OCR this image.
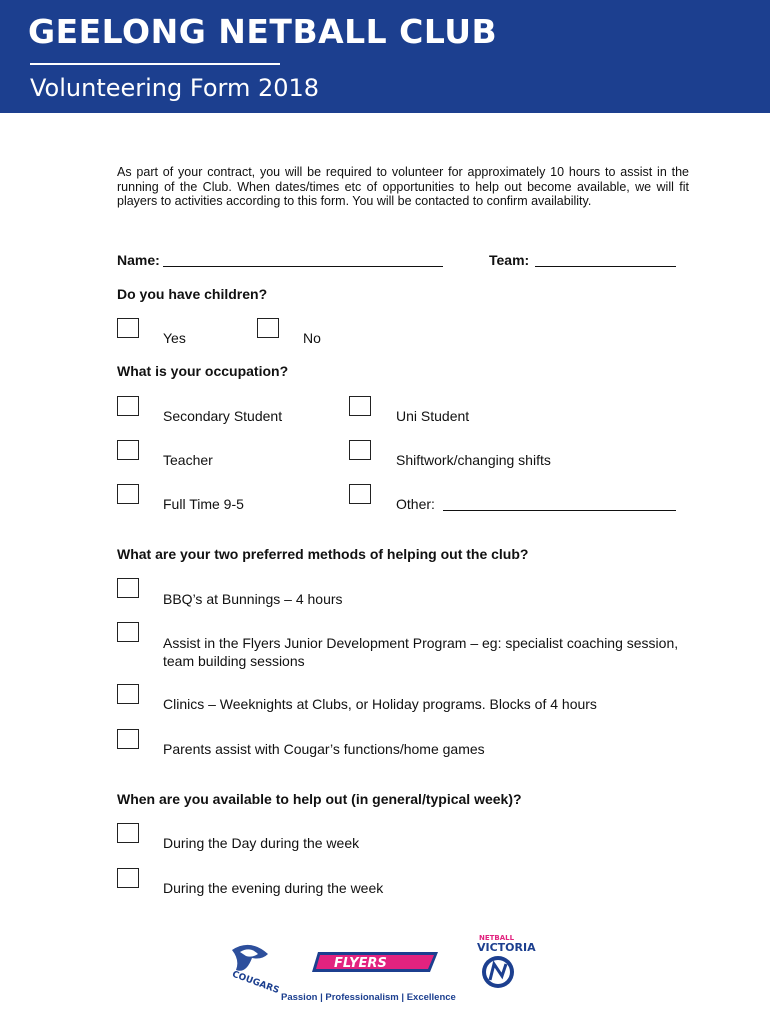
GEELONG NETBALL CLUB
Volunteering Form 2018
As part of your contract, you will be required to volunteer for approximately 10 hours to assist in the running of the Club. When dates/times etc of opportunities to help out become available, we will fit players to activities according to this form. You will be contacted to confirm availability.
Name:	Team:
Do you have children?
Yes	No
What is your occupation?
Secondary Student	Uni Student
Teacher	Shiftwork/changing shifts
Full Time 9-5	Other:
What are your two preferred methods of helping out the club?
BBQ’s at Bunnings – 4 hours
Assist in the Flyers Junior Development Program – eg: specialist coaching session, team building sessions
Clinics – Weeknights at Clubs, or Holiday programs. Blocks of 4 hours
Parents assist with Cougar’s functions/home games
When are you available to help out (in general/typical week)?
During the Day during the week
During the evening during the week
COUGARS
FLYERS
NETBALL
VICTORIA
Passion | Professionalism | Excellence
